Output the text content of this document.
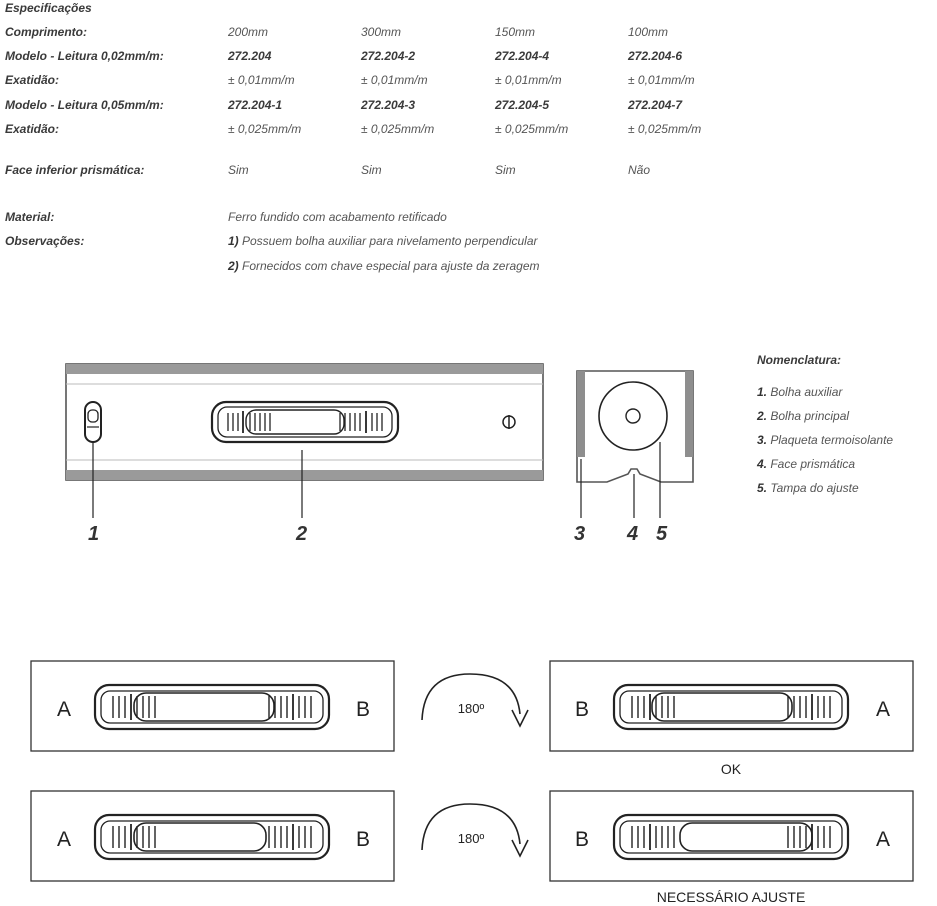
Especificações
Comprimento:	200mm	300mm	150mm	100mm
Modelo - Leitura 0,02mm/m:	272.204	272.204-2	272.204-4	272.204-6
Exatidão:	± 0,01mm/m	± 0,01mm/m	± 0,01mm/m	± 0,01mm/m
Modelo - Leitura 0,05mm/m:	272.204-1	272.204-3	272.204-5	272.204-7
Exatidão:	± 0,025mm/m	± 0,025mm/m	± 0,025mm/m	± 0,025mm/m
Face inferior prismática:	Sim	Sim	Sim	Não
Material:	Ferro fundido com acabamento retificado
Observações:	1) Possuem bolha auxiliar para nivelamento perpendicular
2) Fornecidos com chave especial para ajuste da zeragem
Nomenclatura:
1. Bolha auxiliar
2. Bolha principal
3. Plaqueta termoisolante
4. Face prismática
5. Tampa do ajuste
1	2	3 4 5
A	B	180º	B	A
OK
A	B	180º	B	A
NECESSÁRIO AJUSTE
